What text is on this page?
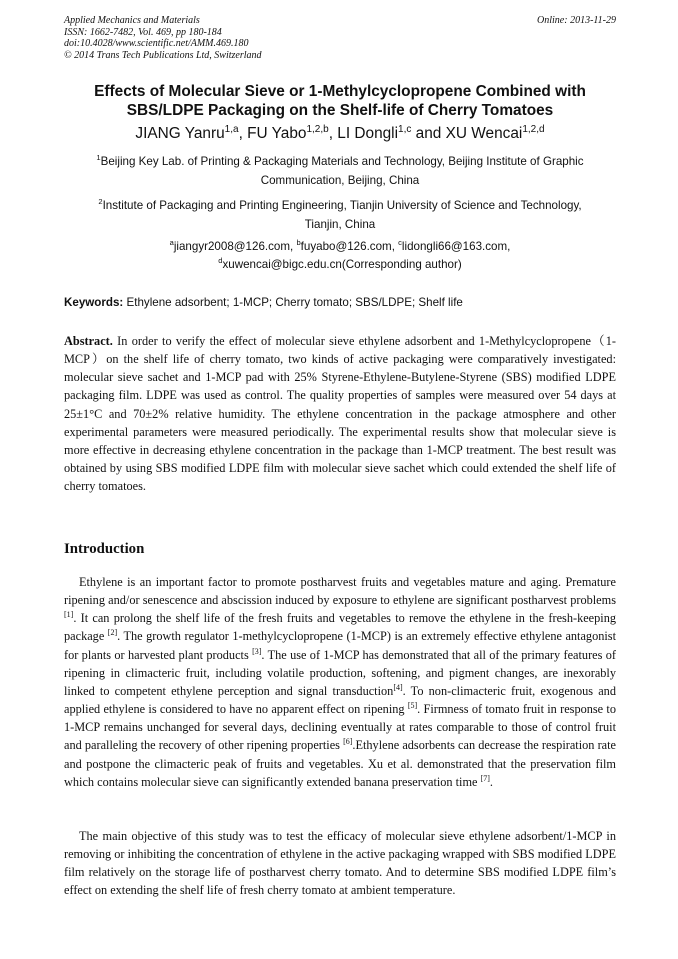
Applied Mechanics and Materials
ISSN: 1662-7482, Vol. 469, pp 180-184
doi:10.4028/www.scientific.net/AMM.469.180
© 2014 Trans Tech Publications Ltd, Switzerland
Online: 2013-11-29
Effects of Molecular Sieve or 1-Methylcyclopropene Combined with
SBS/LDPE Packaging on the Shelf-life of Cherry Tomatoes
JIANG Yanru$^{1,a}$, FU Yabo$^{1,2,b}$, LI Dongli$^{1,c}$ and XU Wencai$^{1,2,d}$
$^1$Beijing Key Lab. of Printing & Packaging Materials and Technology, Beijing Institute of Graphic
Communication, Beijing, China
$^2$Institute of Packaging and Printing Engineering, Tianjin University of Science and Technology,
Tianjin, China
$^a$jiangyr2008@126.com, $^b$fuyabo@126.com, $^c$lidongli66@163.com,
$^d$xuwencai@bigc.edu.cn(Corresponding author)
Keywords: Ethylene adsorbent; 1-MCP; Cherry tomato; SBS/LDPE; Shelf life
Abstract. In order to verify the effect of molecular sieve ethylene adsorbent and 1-Methylcyclopropene（1-MCP）on the shelf life of cherry tomato, two kinds of active packaging were comparatively investigated: molecular sieve sachet and 1-MCP pad with 25% Styrene-Ethylene-Butylene-Styrene (SBS) modified LDPE packaging film. LDPE was used as control. The quality properties of samples were measured over 54 days at 25±1°C and 70±2% relative humidity. The ethylene concentration in the package atmosphere and other experimental parameters were measured periodically. The experimental results show that molecular sieve is more effective in decreasing ethylene concentration in the package than 1-MCP treatment. The best result was obtained by using SBS modified LDPE film with molecular sieve sachet which could extended the shelf life of cherry tomatoes.
Introduction

Ethylene is an important factor to promote postharvest fruits and vegetables mature and aging. Premature ripening and/or senescence and abscission induced by exposure to ethylene are significant postharvest problems [1]. It can prolong the shelf life of the fresh fruits and vegetables to remove the ethylene in the fresh-keeping package [2]. The growth regulator 1-methylcyclopropene (1-MCP) is an extremely effective ethylene antagonist for plants or harvested plant products [3]. The use of 1-MCP has demonstrated that all of the primary features of ripening in climacteric fruit, including volatile production, softening, and pigment changes, are inexorably linked to competent ethylene perception and signal transduction[4]. To non-climacteric fruit, exogenous and applied ethylene is considered to have no apparent effect on ripening [5]. Firmness of tomato fruit in response to 1-MCP remains unchanged for several days, declining eventually at rates comparable to those of control fruit and paralleling the recovery of other ripening properties [6].Ethylene adsorbents can decrease the respiration rate and postpone the climacteric peak of fruits and vegetables. Xu et al. demonstrated that the preservation film which contains molecular sieve can significantly extended banana preservation time [7].

The main objective of this study was to test the efficacy of molecular sieve ethylene adsorbent/1-MCP in removing or inhibiting the concentration of ethylene in the active packaging wrapped with SBS modified LDPE film relatively on the storage life of postharvest cherry tomato. And to determine SBS modified LDPE film’s effect on extending the shelf life of fresh cherry tomato at ambient temperature.
